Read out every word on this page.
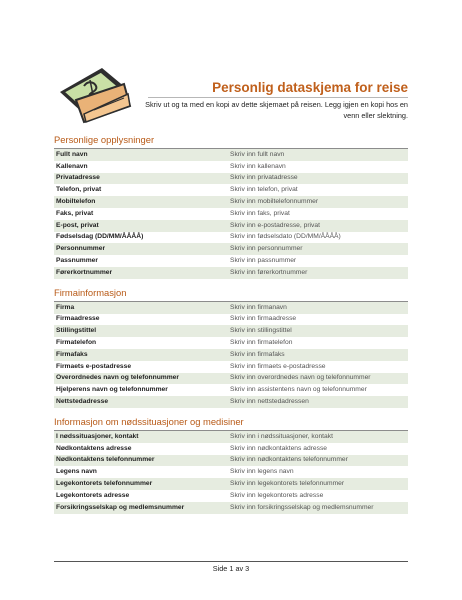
Personlig dataskjema for reise
Skriv ut og ta med en kopi av dette skjemaet på reisen. Legg igjen en kopi hos en venn eller slektning.
Personlige opplysninger
Fullt navn	Skriv inn fullt navn
Kallenavn	Skriv inn kallenavn
Privatadresse	Skriv inn privatadresse
Telefon, privat	Skriv inn telefon, privat
Mobiltelefon	Skriv inn mobiltelefonnummer
Faks, privat	Skriv inn faks, privat
E-post, privat	Skriv inn e-postadresse, privat
Fødselsdag (DD/MM/ÅÅÅÅ)	Skriv inn fødselsdato (DD/MM/ÅÅÅÅ)
Personnummer	Skriv inn personnummer
Passnummer	Skriv inn passnummer
Førerkortnummer	Skriv inn førerkortnummer
Firmainformasjon
Firma	Skriv inn firmanavn
Firmaadresse	Skriv inn firmaadresse
Stillingstittel	Skriv inn stillingstittel
Firmatelefon	Skriv inn firmatelefon
Firmafaks	Skriv inn firmafaks
Firmaets e-postadresse	Skriv inn firmaets e-postadresse
Overordnedes navn og telefonnummer	Skriv inn overordnedes navn og telefonnummer
Hjelperens navn og telefonnummer	Skriv inn assistentens navn og telefonnummer
Nettstedadresse	Skriv inn nettstedadressen
Informasjon om nødssituasjoner og medisiner
I nødssituasjoner, kontakt	Skriv inn i nødssituasjoner, kontakt
Nødkontaktens adresse	Skriv inn nødkontaktens adresse
Nødkontaktens telefonnummer	Skriv inn nødkontaktens telefonnummer
Legens navn	Skriv inn legens navn
Legekontorets telefonnummer	Skriv inn legekontorets telefonnummer
Legekontorets adresse	Skriv inn legekontorets adresse
Forsikringsselskap og medlemsnummer	Skriv inn forsikringsselskap og medlemsnummer
Side 1 av 3
